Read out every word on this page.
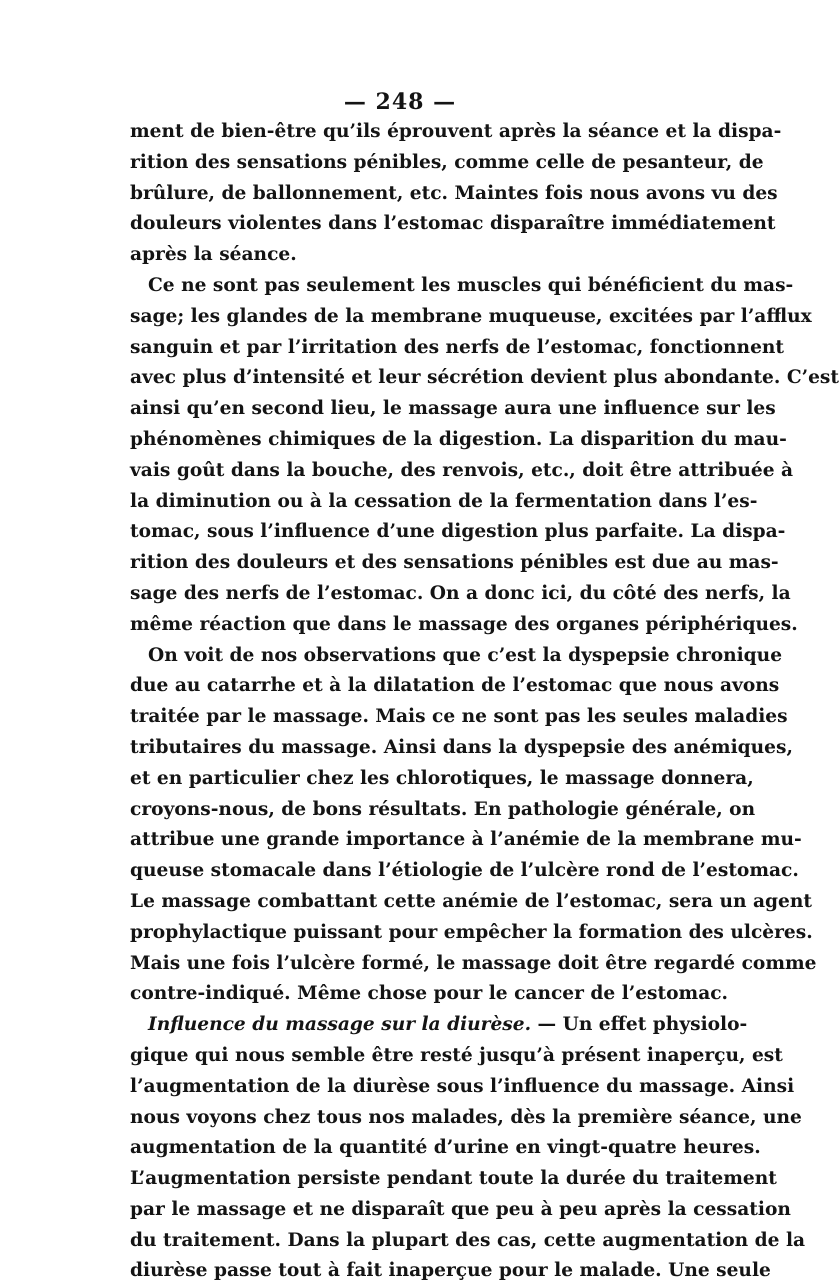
— 248 —
ment de bien-être qu’ils éprouvent après la séance et la dispa-
rition des sensations pénibles, comme celle de pesanteur, de
brûlure, de ballonnement, etc. Maintes fois nous avons vu des
douleurs violentes dans l’estomac disparaître immédiatement
après la séance.
Ce ne sont pas seulement les muscles qui bénéficient du mas-
sage; les glandes de la membrane muqueuse, excitées par l’afflux
sanguin et par l’irritation des nerfs de l’estomac, fonctionnent
avec plus d’intensité et leur sécrétion devient plus abondante. C’est
ainsi qu’en second lieu, le massage aura une influence sur les
phénomènes chimiques de la digestion. La disparition du mau-
vais goût dans la bouche, des renvois, etc., doit être attribuée à
la diminution ou à la cessation de la fermentation dans l’es-
tomac, sous l’influence d’une digestion plus parfaite. La dispa-
rition des douleurs et des sensations pénibles est due au mas-
sage des nerfs de l’estomac. On a donc ici, du côté des nerfs, la
même réaction que dans le massage des organes périphériques.
On voit de nos observations que c’est la dyspepsie chronique
due au catarrhe et à la dilatation de l’estomac que nous avons
traitée par le massage. Mais ce ne sont pas les seules maladies
tributaires du massage. Ainsi dans la dyspepsie des anémiques,
et en particulier chez les chlorotiques, le massage donnera,
croyons-nous, de bons résultats. En pathologie générale, on
attribue une grande importance à l’anémie de la membrane mu-
queuse stomacale dans l’étiologie de l’ulcère rond de l’estomac.
Le massage combattant cette anémie de l’estomac, sera un agent
prophylactique puissant pour empêcher la formation des ulcères.
Mais une fois l’ulcère formé, le massage doit être regardé comme
contre-indiqué. Même chose pour le cancer de l’estomac.
Influence du massage sur la diurèse. — Un effet physiolo-
gique qui nous semble être resté jusqu’à présent inaperçu, est
l’augmentation de la diurèse sous l’influence du massage. Ainsi
nous voyons chez tous nos malades, dès la première séance, une
augmentation de la quantité d’urine en vingt-quatre heures.
L’augmentation persiste pendant toute la durée du traitement
par le massage et ne disparaît que peu à peu après la cessation
du traitement. Dans la plupart des cas, cette augmentation de la
diurèse passe tout à fait inaperçue pour le malade. Une seule
